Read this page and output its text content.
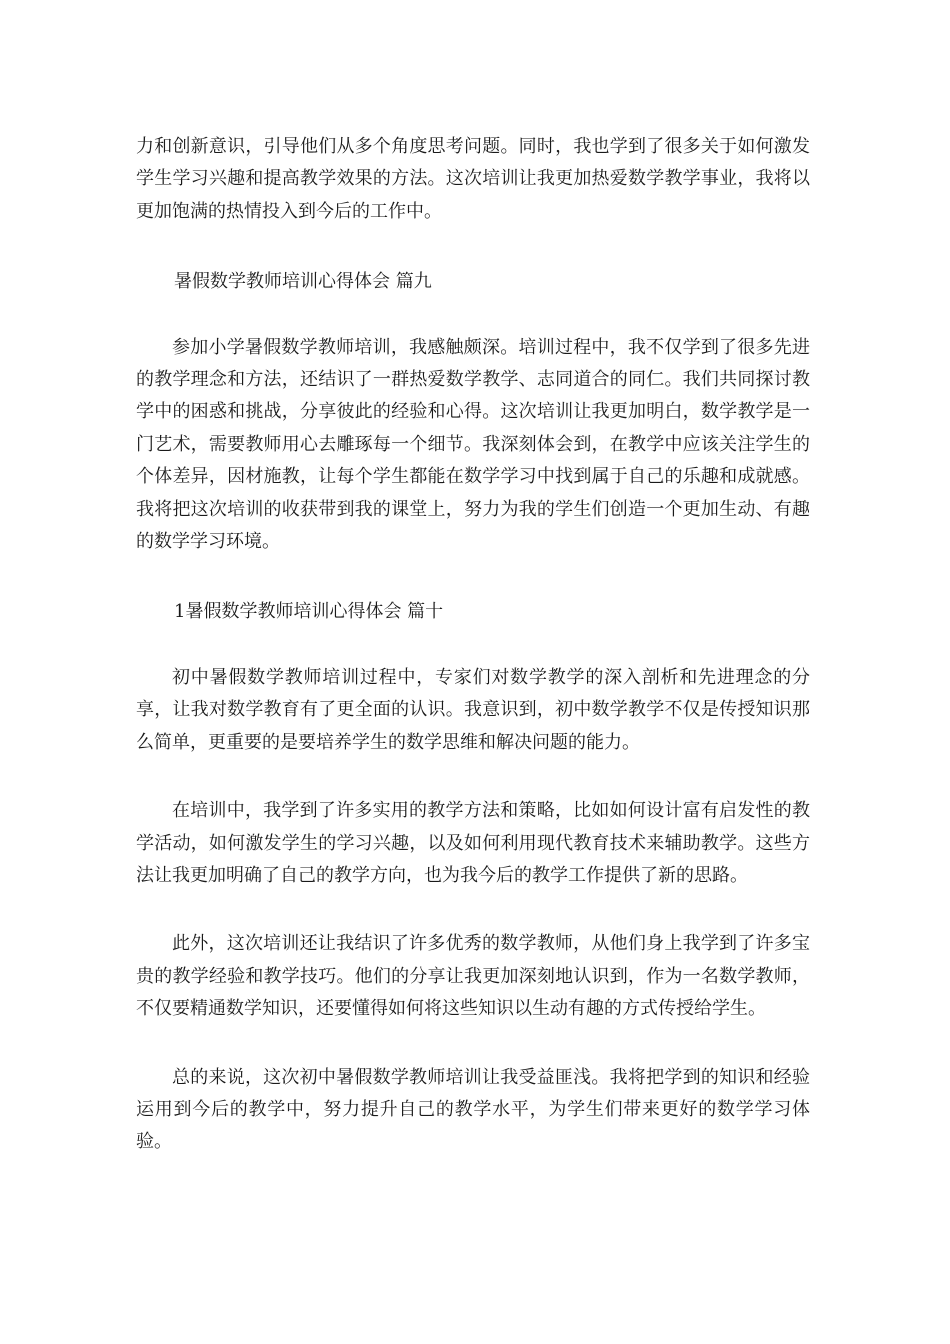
力和创新意识，引导他们从多个角度思考问题。同时，我也学到了很多关于如何激发学生学习兴趣和提高教学效果的方法。这次培训让我更加热爱数学教学事业，我将以更加饱满的热情投入到今后的工作中。

暑假数学教师培训心得体会 篇九

参加小学暑假数学教师培训，我感触颇深。培训过程中，我不仅学到了很多先进的教学理念和方法，还结识了一群热爱数学教学、志同道合的同仁。我们共同探讨教学中的困惑和挑战，分享彼此的经验和心得。这次培训让我更加明白，数学教学是一门艺术，需要教师用心去雕琢每一个细节。我深刻体会到，在教学中应该关注学生的个体差异，因材施教，让每个学生都能在数学学习中找到属于自己的乐趣和成就感。我将把这次培训的收获带到我的课堂上，努力为我的学生们创造一个更加生动、有趣的数学学习环境。

1暑假数学教师培训心得体会 篇十

初中暑假数学教师培训过程中，专家们对数学教学的深入剖析和先进理念的分享，让我对数学教育有了更全面的认识。我意识到，初中数学教学不仅是传授知识那么简单，更重要的是要培养学生的数学思维和解决问题的能力。

在培训中，我学到了许多实用的教学方法和策略，比如如何设计富有启发性的教学活动，如何激发学生的学习兴趣，以及如何利用现代教育技术来辅助教学。这些方法让我更加明确了自己的教学方向，也为我今后的教学工作提供了新的思路。

此外，这次培训还让我结识了许多优秀的数学教师，从他们身上我学到了许多宝贵的教学经验和教学技巧。他们的分享让我更加深刻地认识到，作为一名数学教师，不仅要精通数学知识，还要懂得如何将这些知识以生动有趣的方式传授给学生。

总的来说，这次初中暑假数学教师培训让我受益匪浅。我将把学到的知识和经验运用到今后的教学中，努力提升自己的教学水平，为学生们带来更好的数学学习体验。
